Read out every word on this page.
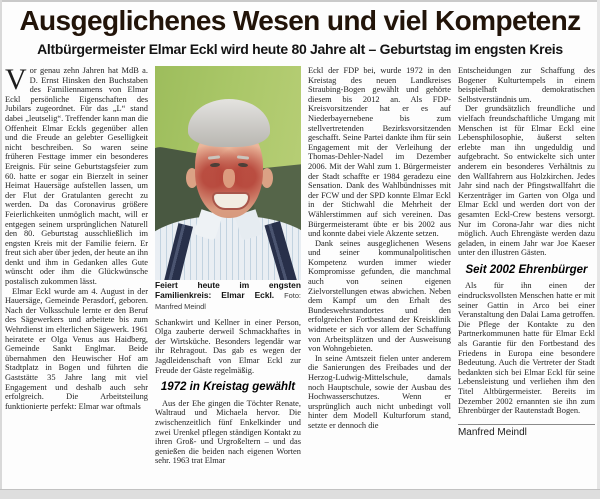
Ausgeglichenes Wesen und viel Kompetenz
Altbürgermeister Elmar Eckl wird heute 80 Jahre alt – Geburtstag im engsten Kreis

Vor genau zehn Jahren hat MdB a. D. Ernst Hinsken den Buchstaben des Familiennamens von Elmar Eckl persönliche Eigenschaften des Jubilars zugeordnet. Für das „L“ stand dabei „leutselig“. Treffender kann man die Offenheit Elmar Eckls gegenüber allen und die Freude an gelebter Geselligkeit nicht beschreiben. So waren seine früheren Festtage immer ein besonderes Ereignis. Für seine Geburtstagsfeier zum 60. hatte er sogar ein Bierzelt in seiner Heimat Hauersäge aufstellen lassen, um der Flut der Gratulanten gerecht zu werden. Da das Coronavirus größere Feierlichkeiten unmöglich macht, will er entgegen seinem ursprünglichen Naturell den 80. Geburtstag ausschließlich im engsten Kreis mit der Familie feiern. Er freut sich aber über jeden, der heute an ihn denkt und ihm in Gedanken alles Gute wünscht oder ihm die Glückwünsche postalisch zukommen lässt.

Elmar Eckl wurde am 4. August in der Hauersäge, Gemeinde Perasdorf, geboren. Nach der Volksschule lernte er den Beruf des Sägewerkers und arbeitete bis zum Wehrdienst im elterlichen Sägewerk. 1961 heiratete er Olga Venus aus Haidberg, Gemeinde Sankt Englmar. Beide übernahmen den Heuwischer Hof am Stadtplatz in Bogen und führten die Gaststätte 35 Jahre lang mit viel Engagement und deshalb auch sehr erfolgreich. Die Arbeitsteilung funktionierte perfekt: Elmar war oftmals

Feiert heute im engsten Familienkreis: Elmar Eckl. Foto: Manfred Meindl

Schankwirt und Kellner in einer Person, Olga zauberte derweil Schmackhaftes in der Wirtsküche. Besonders legendär war ihr Rehragout. Das gab es wegen der Jagdleidenschaft von Elmar Eckl zur Freude der Gäste regelmäßig.

1972 in Kreistag gewählt

Aus der Ehe gingen die Töchter Renate, Waltraud und Michaela hervor. Die zwischenzeitlich fünf Enkelkinder und zwei Urenkel pflegen ständigen Kontakt zu ihren Groß- und Urgroßeltern – und das genießen die beiden nach eigenen Worten sehr. 1963 trat Elmar

Eckl der FDP bei, wurde 1972 in den Kreistag des neuen Landkreises Straubing-Bogen gewählt und gehörte diesem bis 2012 an. Als FDP-Kreisvorsitzender hat er es auf Niederbayernebene bis zum stellvertretenden Bezirksvorsitzenden geschafft. Seine Partei dankte ihm für sein Engagement mit der Verleihung der Thomas-Dehler-Nadel im Dezember 2006. Mit der Wahl zum 1. Bürgermeister der Stadt schaffte er 1984 geradezu eine Sensation. Dank des Wahlbündnisses mit der FCW und der SPD konnte Elmar Eckl in der Stichwahl die Mehrheit der Wählerstimmen auf sich vereinen. Das Bürgermeisteramt übte er bis 2002 aus und konnte dabei viele Akzente setzen.

Dank seines ausgeglichenen Wesens und seiner kommunalpolitischen Kompetenz wurden immer wieder Kompromisse gefunden, die manchmal auch von seinen eigenen Zielvorstellungen etwas abwichen. Neben dem Kampf um den Erhalt des Bundeswehrstandortes und den erfolgreichen Fortbestand der Kreisklinik widmete er sich vor allem der Schaffung von Arbeitsplätzen und der Ausweisung von Wohngebieten.

In seine Amtszeit fielen unter anderem die Sanierungen des Freibades und der Herzog-Ludwig-Mittelschule, damals noch Hauptschule, sowie der Ausbau des Hochwasserschutzes. Wenn er ursprünglich auch nicht unbedingt voll hinter dem Modell Kulturforum stand, setzte er dennoch die

Entscheidungen zur Schaffung des Bogener Kulturtempels in einem beispielhaft demokratischen Selbstverständnis um.

Der grundsätzlich freundliche und vielfach freundschaftliche Umgang mit Menschen ist für Elmar Eckl eine Lebensphilosophie, äußerst selten erlebte man ihn ungeduldig und aufgebracht. So entwickelte sich unter anderem ein besonderes Verhältnis zu den Wallfahrern aus Holzkirchen. Jedes Jahr sind nach der Pfingstwallfahrt die Kerzenträger im Garten von Olga und Elmar Eckl und werden dort von der gesamten Eckl-Crew bestens versorgt. Nur im Corona-Jahr war dies nicht möglich. Auch Ehrengäste werden dazu geladen, in einem Jahr war Joe Kaeser unter den illustren Gästen.

Seit 2002 Ehrenbürger

Als für ihn einen der eindrucksvollsten Menschen hatte er mit seiner Gattin in Arco bei einer Veranstaltung den Dalai Lama getroffen. Die Pflege der Kontakte zu den Partnerkommunen hatte für Elmar Eckl als Garantie für den Fortbestand des Friedens in Europa eine besondere Bedeutung. Auch die Vertreter der Stadt bedankten sich bei Elmar Eckl für seine Lebensleistung und verliehen ihm den Titel Altbürgermeister. Bereits im Dezember 2002 ernannten sie ihn zum Ehrenbürger der Rautenstadt Bogen.

Manfred Meindl
